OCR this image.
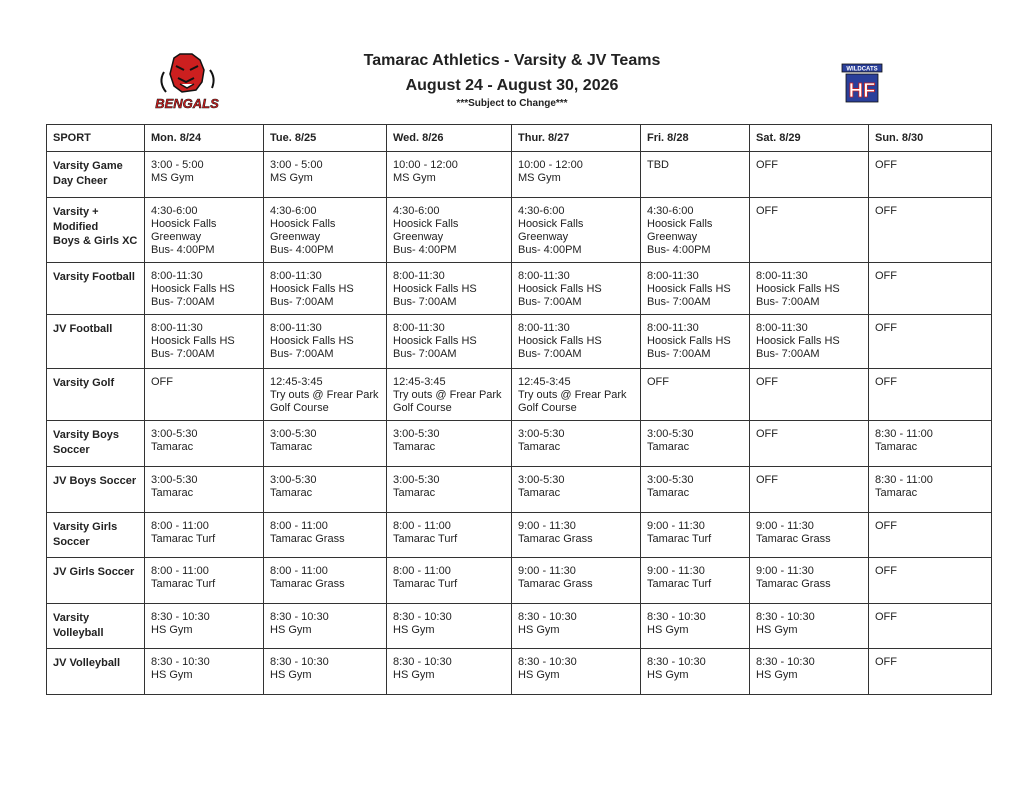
BENGALS
WILDCATS
HF
Tamarac Athletics - Varsity & JV Teams
August 24 - August 30, 2026
***Subject to Change***
SPORT	Mon. 8/24	Tue. 8/25	Wed. 8/26	Thur. 8/27	Fri. 8/28	Sat. 8/29	Sun. 8/30

Varsity Game
Day Cheer	3:00 - 5:00
MS Gym	3:00 - 5:00
MS Gym	10:00 - 12:00
MS Gym	10:00 - 12:00
MS Gym	TBD	OFF	OFF

Varsity +
Modified
Boys & Girls XC	4:30-6:00
Hoosick Falls
Greenway
Bus- 4:00PM	4:30-6:00
Hoosick Falls
Greenway
Bus- 4:00PM	4:30-6:00
Hoosick Falls
Greenway
Bus- 4:00PM	4:30-6:00
Hoosick Falls
Greenway
Bus- 4:00PM	4:30-6:00
Hoosick Falls
Greenway
Bus- 4:00PM	OFF	OFF

Varsity Football	8:00-11:30
Hoosick Falls HS
Bus- 7:00AM	8:00-11:30
Hoosick Falls HS
Bus- 7:00AM	8:00-11:30
Hoosick Falls HS
Bus- 7:00AM	8:00-11:30
Hoosick Falls HS
Bus- 7:00AM	8:00-11:30
Hoosick Falls HS
Bus- 7:00AM	8:00-11:30
Hoosick Falls HS
Bus- 7:00AM	OFF

JV Football	8:00-11:30
Hoosick Falls HS
Bus- 7:00AM	8:00-11:30
Hoosick Falls HS
Bus- 7:00AM	8:00-11:30
Hoosick Falls HS
Bus- 7:00AM	8:00-11:30
Hoosick Falls HS
Bus- 7:00AM	8:00-11:30
Hoosick Falls HS
Bus- 7:00AM	8:00-11:30
Hoosick Falls HS
Bus- 7:00AM	OFF

Varsity Golf	OFF	12:45-3:45
Try outs @ Frear Park
Golf Course	12:45-3:45
Try outs @ Frear Park
Golf Course	12:45-3:45
Try outs @ Frear Park
Golf Course	OFF	OFF	OFF

Varsity Boys
Soccer	3:00-5:30
Tamarac	3:00-5:30
Tamarac	3:00-5:30
Tamarac	3:00-5:30
Tamarac	3:00-5:30
Tamarac	OFF	8:30 - 11:00
Tamarac

JV Boys Soccer	3:00-5:30
Tamarac	3:00-5:30
Tamarac	3:00-5:30
Tamarac	3:00-5:30
Tamarac	3:00-5:30
Tamarac	OFF	8:30 - 11:00
Tamarac

Varsity Girls
Soccer	8:00 - 11:00
Tamarac Turf	8:00 - 11:00
Tamarac Grass	8:00 - 11:00
Tamarac Turf	9:00 - 11:30
Tamarac Grass	9:00 - 11:30
Tamarac Turf	9:00 - 11:30
Tamarac Grass	OFF

JV Girls Soccer	8:00 - 11:00
Tamarac Turf	8:00 - 11:00
Tamarac Grass	8:00 - 11:00
Tamarac Turf	9:00 - 11:30
Tamarac Grass	9:00 - 11:30
Tamarac Turf	9:00 - 11:30
Tamarac Grass	OFF

Varsity
Volleyball	8:30 - 10:30
HS Gym	8:30 - 10:30
HS Gym	8:30 - 10:30
HS Gym	8:30 - 10:30
HS Gym	8:30 - 10:30
HS Gym	8:30 - 10:30
HS Gym	OFF

JV Volleyball	8:30 - 10:30
HS Gym	8:30 - 10:30
HS Gym	8:30 - 10:30
HS Gym	8:30 - 10:30
HS Gym	8:30 - 10:30
HS Gym	8:30 - 10:30
HS Gym	OFF
